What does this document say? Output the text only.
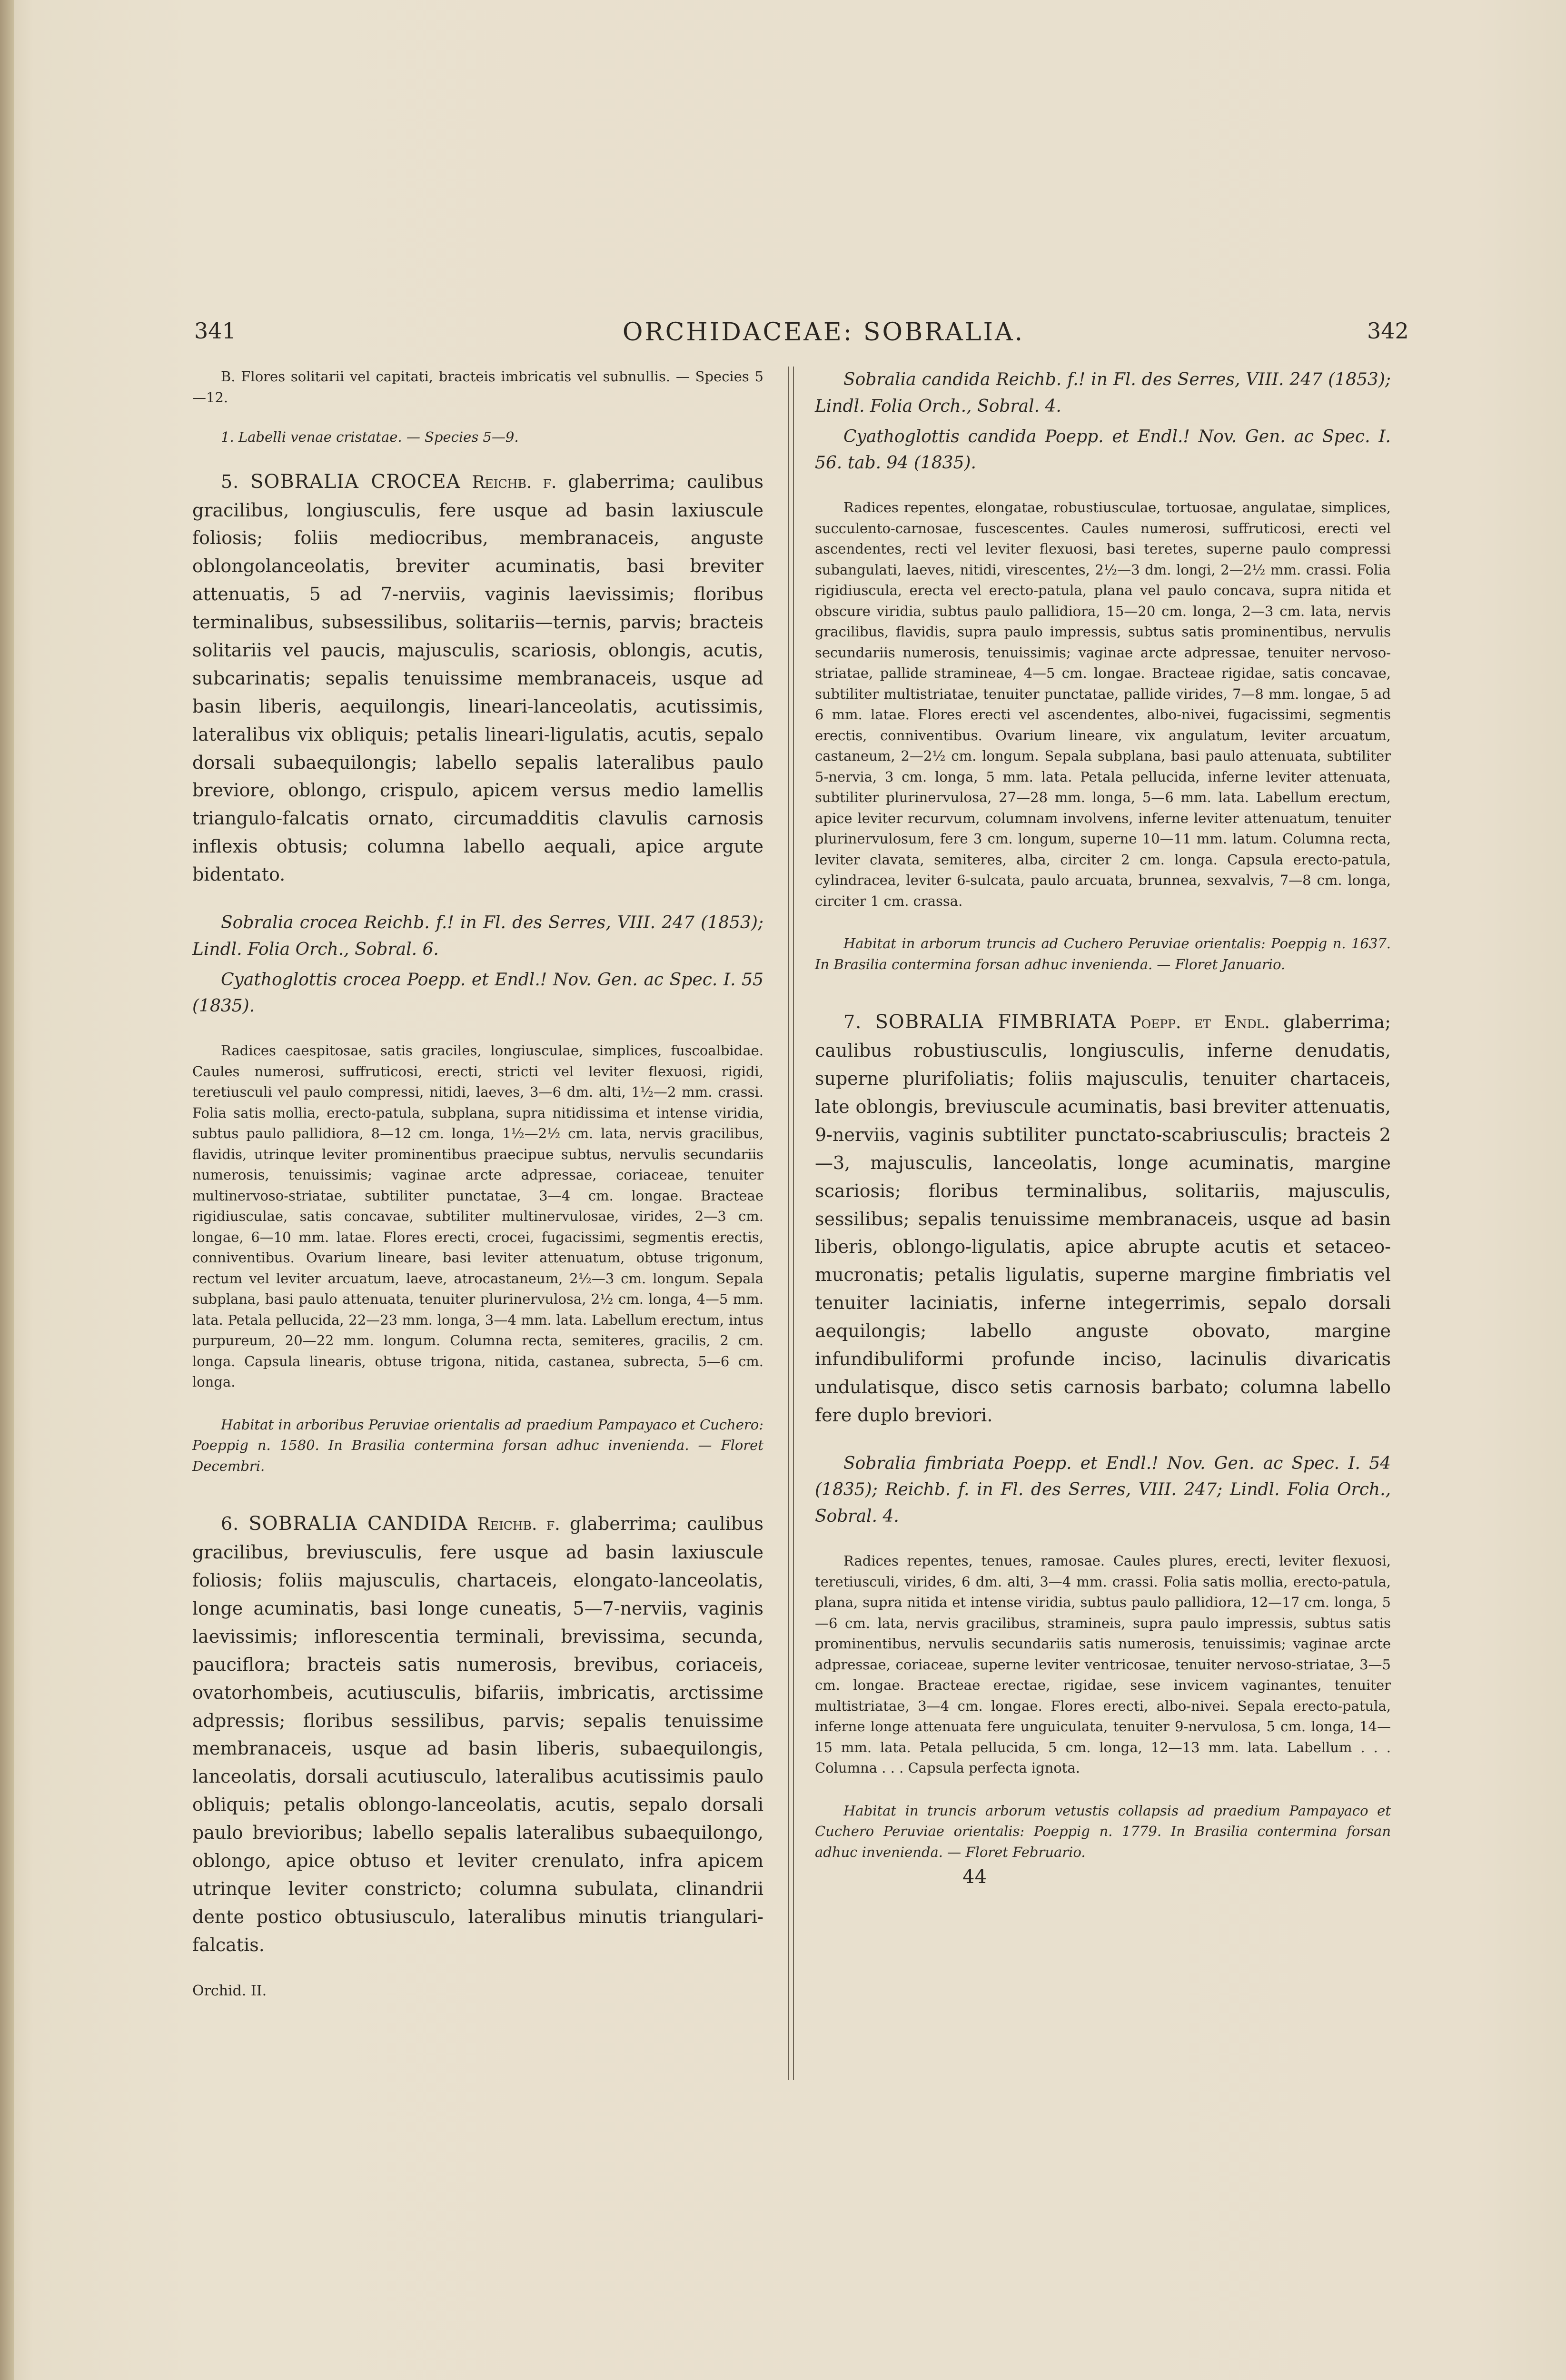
341	ORCHIDACEAE: SOBRALIA.	342

B. Flores solitarii vel capitati, bracteis imbricatis vel subnullis. — Species 5—12.

1. Labelli venae cristatae. — Species 5—9.

5. SOBRALIA CROCEA Reichb. f. glaberrima; caulibus gracilibus, longiusculis, fere usque ad basin laxiuscule foliosis; foliis mediocribus, membranaceis, anguste oblongolanceolatis, breviter acuminatis, basi breviter attenuatis, 5 ad 7-nerviis, vaginis laevissimis; floribus terminalibus, subsessilibus, solitariis—ternis, parvis; bracteis solitariis vel paucis, majusculis, scariosis, oblongis, acutis, subcarinatis; sepalis tenuissime membranaceis, usque ad basin liberis, aequilongis, lineari-lanceolatis, acutissimis, lateralibus vix obliquis; petalis lineari-ligulatis, acutis, sepalo dorsali subaequilongis; labello sepalis lateralibus paulo breviore, oblongo, crispulo, apicem versus medio lamellis triangulo-falcatis ornato, circumadditis clavulis carnosis inflexis obtusis; columna labello aequali, apice argute bidentato.

Sobralia crocea Reichb. f.! in Fl. des Serres, VIII. 247 (1853); Lindl. Folia Orch., Sobral. 6.

Cyathoglottis crocea Poepp. et Endl.! Nov. Gen. ac Spec. I. 55 (1835).

Radices caespitosae, satis graciles, longiusculae, simplices, fuscoalbidae. Caules numerosi, suffruticosi, erecti, stricti vel leviter flexuosi, rigidi, teretiusculi vel paulo compressi, nitidi, laeves, 3—6 dm. alti, 1½—2 mm. crassi. Folia satis mollia, erecto-patula, subplana, supra nitidissima et intense viridia, subtus paulo pallidiora, 8—12 cm. longa, 1½—2½ cm. lata, nervis gracilibus, flavidis, utrinque leviter prominentibus praecipue subtus, nervulis secundariis numerosis, tenuissimis; vaginae arcte adpressae, coriaceae, tenuiter multinervoso-striatae, subtiliter punctatae, 3—4 cm. longae. Bracteae rigidiusculae, satis concavae, subtiliter multinervulosae, virides, 2—3 cm. longae, 6—10 mm. latae. Flores erecti, crocei, fugacissimi, segmentis erectis, conniventibus. Ovarium lineare, basi leviter attenuatum, obtuse trigonum, rectum vel leviter arcuatum, laeve, atrocastaneum, 2½—3 cm. longum. Sepala subplana, basi paulo attenuata, tenuiter plurinervulosa, 2½ cm. longa, 4—5 mm. lata. Petala pellucida, 22—23 mm. longa, 3—4 mm. lata. Labellum erectum, intus purpureum, 20—22 mm. longum. Columna recta, semiteres, gracilis, 2 cm. longa. Capsula linearis, obtuse trigona, nitida, castanea, subrecta, 5—6 cm. longa.

Habitat in arboribus Peruviae orientalis ad praedium Pampayaco et Cuchero: Poeppig n. 1580. In Brasilia contermina forsan adhuc inveniendа. — Floret Decembri.

6. SOBRALIA CANDIDA Reichb. f. glaberrima; caulibus gracilibus, breviusculis, fere usque ad basin laxiuscule foliosis; foliis majusculis, chartaceis, elongato-lanceolatis, longe acuminatis, basi longe cuneatis, 5—7-nerviis, vaginis laevissimis; inflorescentia terminali, brevissima, secunda, pauciflora; bracteis satis numerosis, brevibus, coriaceis, ovatorhombeis, acutiusculis, bifariis, imbricatis, arctissime adpressis; floribus sessilibus, parvis; sepalis tenuissime membranaceis, usque ad basin liberis, subaequilongis, lanceolatis, dorsali acutiusculo, lateralibus acutissimis paulo obliquis; petalis oblongo-lanceolatis, acutis, sepalo dorsali paulo brevioribus; labello sepalis lateralibus subaequilongo, oblongo, apice obtuso et leviter crenulato, infra apicem utrinque leviter constricto; columna subulata, clinandrii dente postico obtusiusculo, lateralibus minutis triangulari-falcatis.

Orchid. II.

Sobralia candida Reichb. f.! in Fl. des Serres, VIII. 247 (1853); Lindl. Folia Orch., Sobral. 4.

Cyathoglottis candida Poepp. et Endl.! Nov. Gen. ac Spec. I. 56. tab. 94 (1835).

Radices repentes, elongatae, robustiusculae, tortuosae, angulatae, simplices, succulento-carnosae, fuscescentes. Caules numerosi, suffruticosi, erecti vel ascendentes, recti vel leviter flexuosi, basi teretes, superne paulo compressi subangulati, laeves, nitidi, virescentes, 2½—3 dm. longi, 2—2½ mm. crassi. Folia rigidiuscula, erecta vel erecto-patula, plana vel paulo concava, supra nitida et obscure viridia, subtus paulo pallidiora, 15—20 cm. longa, 2—3 cm. lata, nervis gracilibus, flavidis, supra paulo impressis, subtus satis prominentibus, nervulis secundariis numerosis, tenuissimis; vaginae arcte adpressae, tenuiter nervoso-striatae, pallide stramineae, 4—5 cm. longae. Bracteae rigidae, satis concavae, subtiliter multistriatae, tenuiter punctatae, pallide virides, 7—8 mm. longae, 5 ad 6 mm. latae. Flores erecti vel ascendentes, albo-nivei, fugacissimi, segmentis erectis, conniventibus. Ovarium lineare, vix angulatum, leviter arcuatum, castaneum, 2—2½ cm. longum. Sepala subplana, basi paulo attenuata, subtiliter 5-nervia, 3 cm. longa, 5 mm. lata. Petala pellucida, inferne leviter attenuata, subtiliter plurinervulosa, 27—28 mm. longa, 5—6 mm. lata. Labellum erectum, apice leviter recurvum, columnam involvens, inferne leviter attenuatum, tenuiter plurinervulosum, fere 3 cm. longum, superne 10—11 mm. latum. Columna recta, leviter clavata, semiteres, alba, circiter 2 cm. longa. Capsula erecto-patula, cylindracea, leviter 6-sulcata, paulo arcuata, brunnea, sexvalvis, 7—8 cm. longa, circiter 1 cm. crassa.

Habitat in arborum truncis ad Cuchero Peruviae orientalis: Poeppig n. 1637. In Brasilia contermina forsan adhuc inveniendа. — Floret Januario.

7. SOBRALIA FIMBRIATA Poepp. et Endl. glaberrima; caulibus robustiusculis, longiusculis, inferne denudatis, superne plurifoliatis; foliis majusculis, tenuiter chartaceis, late oblongis, breviuscule acuminatis, basi breviter attenuatis, 9-nerviis, vaginis subtiliter punctato-scabriusculis; bracteis 2—3, majusculis, lanceolatis, longe acuminatis, margine scariosis; floribus terminalibus, solitariis, majusculis, sessilibus; sepalis tenuissime membranaceis, usque ad basin liberis, oblongo-ligulatis, apice abrupte acutis et setaceo-mucronatis; petalis ligulatis, superne margine fimbriatis vel tenuiter laciniatis, inferne integerrimis, sepalo dorsali aequilongis; labello anguste obovato, margine infundibuliformi profunde inciso, lacinulis divaricatis undulatisque, disco setis carnosis barbato; columna labello fere duplo breviori.

Sobralia fimbriata Poepp. et Endl.! Nov. Gen. ac Spec. I. 54 (1835); Reichb. f. in Fl. des Serres, VIII. 247; Lindl. Folia Orch., Sobral. 4.

Radices repentes, tenues, ramosae. Caules plures, erecti, leviter flexuosi, teretiusculi, virides, 6 dm. alti, 3—4 mm. crassi. Folia satis mollia, erecto-patula, plana, supra nitida et intense viridia, subtus paulo pallidiora, 12—17 cm. longa, 5—6 cm. lata, nervis gracilibus, stramineis, supra paulo impressis, subtus satis prominentibus, nervulis secundariis satis numerosis, tenuissimis; vaginae arcte adpressae, coriaceae, superne leviter ventricosae, tenuiter nervoso-striatae, 3—5 cm. longae. Bracteae erectae, rigidae, sese invicem vaginantes, tenuiter multistriatae, 3—4 cm. longae. Flores erecti, albo-nivei. Sepala erecto-patula, inferne longe attenuata fere unguiculata, tenuiter 9-nervulosa, 5 cm. longa, 14—15 mm. lata. Petala pellucida, 5 cm. longa, 12—13 mm. lata. Labellum . . . Columna . . . Capsula perfecta ignota.

Habitat in truncis arborum vetustis collapsis ad praedium Pampayaco et Cuchero Peruviae orientalis: Poeppig n. 1779. In Brasilia contermina forsan adhuc inveniendа. — Floret Februario.

44
